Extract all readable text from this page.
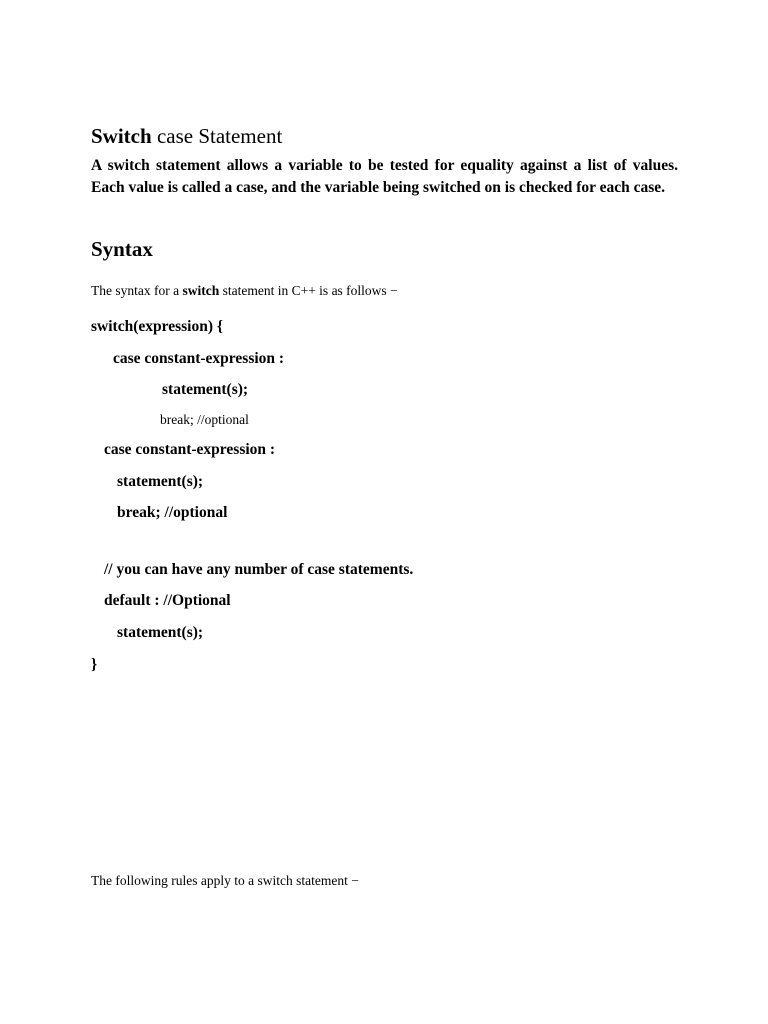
Switch case Statement
A switch statement allows a variable to be tested for equality against a list of values. Each value is called a case, and the variable being switched on is checked for each case.
Syntax
The syntax for a switch statement in C++ is as follows −
switch(expression) {
case constant-expression :
statement(s);
break; //optional
case constant-expression :
statement(s);
break; //optional
// you can have any number of case statements.
default : //Optional
statement(s);
}
The following rules apply to a switch statement −
